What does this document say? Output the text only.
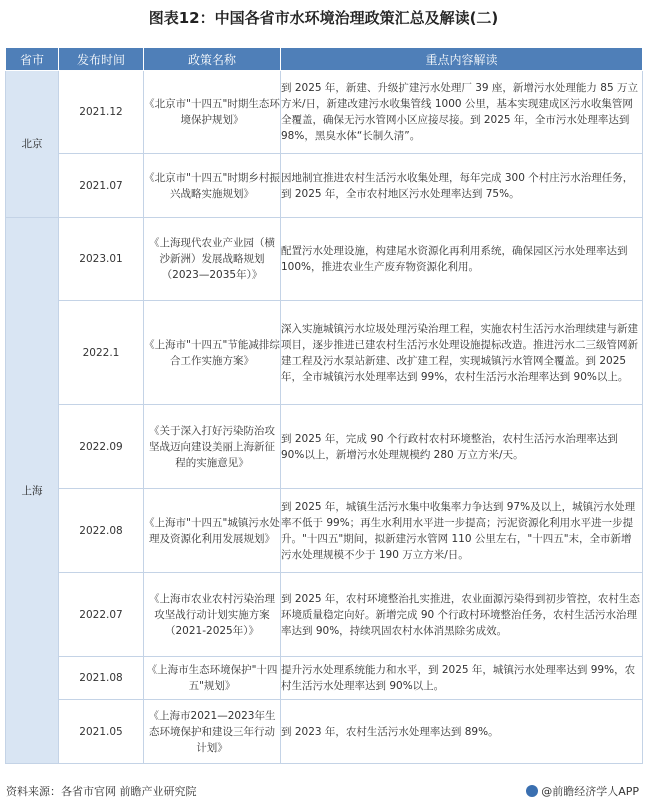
图表12：中国各省市水环境治理政策汇总及解读(二)
省市	发布时间	政策名称	重点内容解读
北京	2021.12	《北京市"十四五"时期生态环境保护规划》	到 2025 年，新建、升级扩建污水处理厂 39 座，新增污水处理能力 85 万立方米/日，新建改建污水收集管线 1000 公里，基本实现建成区污水收集管网全覆盖，确保无污水管网小区应接尽接。到 2025 年，全市污水处理率达到 98%，黑臭水体“长制久清”。
	2021.07	《北京市"十四五"时期乡村振兴战略实施规划》	因地制宜推进农村生活污水收集处理，每年完成 300 个村庄污水治理任务，到 2025 年，全市农村地区污水处理率达到 75%。
上海	2023.01	《上海现代农业产业园（横沙新洲）发展战略规划（2023—2035年）》	配置污水处理设施，构建尾水资源化再利用系统，确保园区污水处理率达到 100%，推进农业生产废弃物资源化利用。
	2022.1	《上海市"十四五"节能减排综合工作实施方案》	深入实施城镇污水垃圾处理污染治理工程，实施农村生活污水治理续建与新建项目，逐步推进已建农村生活污水处理设施提标改造。推进污水二三级管网新建工程及污水泵站新建、改扩建工程，实现城镇污水管网全覆盖。到 2025 年，全市城镇污水处理率达到 99%，农村生活污水治理率达到 90%以上。
	2022.09	《关于深入打好污染防治攻坚战迈向建设美丽上海新征程的实施意见》	到 2025 年，完成 90 个行政村农村环境整治，农村生活污水治理率达到 90%以上，新增污水处理规模约 280 万立方米/天。
	2022.08	《上海市"十四五"城镇污水处理及资源化利用发展规划》	到 2025 年，城镇生活污水集中收集率力争达到 97%及以上，城镇污水处理率不低于 99%；再生水利用水平进一步提高；污泥资源化利用水平进一步提升。"十四五"期间，拟新建污水管网 110 公里左右，"十四五"末，全市新增污水处理规模不少于 190 万立方米/日。
	2022.07	《上海市农业农村污染治理攻坚战行动计划实施方案（2021-2025年）》	到 2025 年，农村环境整治扎实推进，农业面源污染得到初步管控，农村生态环境质量稳定向好。新增完成 90 个行政村环境整治任务，农村生活污水治理率达到 90%，持续巩固农村水体消黑除劣成效。
	2021.08	《上海市生态环境保护"十四五"规划》	提升污水处理系统能力和水平，到 2025 年，城镇污水处理率达到 99%，农村生活污水处理率达到 90%以上。
	2021.05	《上海市2021—2023年生态环境保护和建设三年行动计划》	到 2023 年，农村生活污水处理率达到 89%。
资料来源：各省市官网 前瞻产业研究院	@前瞻经济学人APP
